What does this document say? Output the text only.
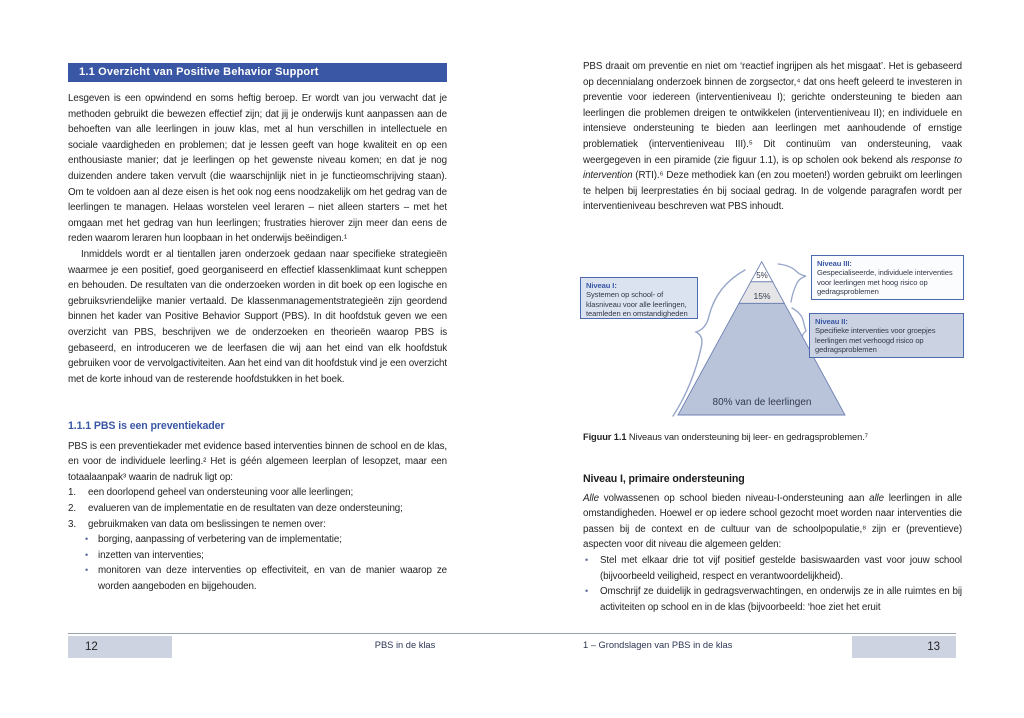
1.1 Overzicht van Positive Behavior Support

Lesgeven is een opwindend en soms heftig beroep. Er wordt van jou verwacht dat je methoden gebruikt die bewezen effectief zijn; dat jij je onderwijs kunt aanpassen aan de behoeften van alle leerlingen in jouw klas, met al hun verschillen in intellectuele en sociale vaardigheden en problemen; dat je lessen geeft van hoge kwaliteit en op een enthousiaste manier; dat je leerlingen op het gewenste niveau komen; en dat je nog duizenden andere taken vervult (die waarschijnlijk niet in je functieomschrijving staan). Om te voldoen aan al deze eisen is het ook nog eens noodzakelijk om het gedrag van de leerlingen te managen. Helaas worstelen veel leraren – niet alleen starters – met het omgaan met het gedrag van hun leerlingen; frustraties hierover zijn meer dan eens de reden waarom leraren hun loopbaan in het onderwijs beëindigen.¹

Inmiddels wordt er al tientallen jaren onderzoek gedaan naar specifieke strategieën waarmee je een positief, goed georganiseerd en effectief klassenklimaat kunt scheppen en behouden. De resultaten van die onderzoeken worden in dit boek op een logische en gebruiksvriendelijke manier vertaald. De klassenmanagementstrategieën zijn geordend binnen het kader van Positive Behavior Support (PBS). In dit hoofdstuk geven we een overzicht van PBS, beschrijven we de onderzoeken en theorieën waarop PBS is gebaseerd, en introduceren we de leerfasen die wij aan het eind van elk hoofdstuk gebruiken voor de vervolgactiviteiten. Aan het eind van dit hoofdstuk vind je een overzicht met de korte inhoud van de resterende hoofdstukken in het boek.

1.1.1 PBS is een preventiekader

PBS is een preventiekader met evidence based interventies binnen de school en de klas, en voor de individuele leerling.² Het is géén algemeen leerplan of lesopzet, maar een totaalaanpak³ waarin de nadruk ligt op:

1.	een doorlopend geheel van ondersteuning voor alle leerlingen;
2.	evalueren van de implementatie en de resultaten van deze ondersteuning;
3.	gebruikmaken van data om beslissingen te nemen over:
•	borging, aanpassing of verbetering van de implementatie;
•	inzetten van interventies;
•	monitoren van deze interventies op effectiviteit, en van de manier waarop ze worden aangeboden en bijgehouden.

PBS draait om preventie en niet om ‘reactief ingrijpen als het misgaat’. Het is gebaseerd op decennialang onderzoek binnen de zorgsector,⁴ dat ons heeft geleerd te investeren in preventie voor iedereen (interventieniveau I); gerichte ondersteuning te bieden aan leerlingen die problemen dreigen te ontwikkelen (interventieniveau II); en individuele en intensieve ondersteuning te bieden aan leerlingen met aanhoudende of ernstige problematiek (interventieniveau III).⁵ Dit continuüm van ondersteuning, vaak weergegeven in een piramide (zie figuur 1.1), is op scholen ook bekend als response to intervention (RTI).⁶ Deze methodiek kan (en zou moeten!) worden gebruikt om leerlingen te helpen bij leerprestaties én bij sociaal gedrag. In de volgende paragrafen wordt per interventieniveau beschreven wat PBS inhoudt.

5%
15%
80% van de leerlingen
Niveau I:
Systemen op school- of klasniveau voor alle leerlingen, teamleden en omstandigheden
Niveau III:
Gespecialiseerde, individuele interventies voor leerlingen met hoog risico op gedragsproblemen
Niveau II:
Specifieke interventies voor groepjes leerlingen met verhoogd risico op gedragsproblemen
Figuur 1.1 Niveaus van ondersteuning bij leer- en gedragsproblemen.⁷
Niveau I, primaire ondersteuning

Alle volwassenen op school bieden niveau-I-ondersteuning aan alle leerlingen in alle omstandigheden. Hoewel er op iedere school gezocht moet worden naar interventies die passen bij de context en de cultuur van de schoolpopulatie,⁸ zijn er (preventieve) aspecten voor dit niveau die algemeen gelden:

•	Stel met elkaar drie tot vijf positief gestelde basiswaarden vast voor jouw school (bijvoorbeeld veiligheid, respect en verantwoordelijkheid).
•	Omschrijf ze duidelijk in gedragsverwachtingen, en onderwijs ze in alle ruimtes en bij activiteiten op school en in de klas (bijvoorbeeld: ‘hoe ziet het eruit
12	PBS in de klas	1 – Grondslagen van PBS in de klas	13
